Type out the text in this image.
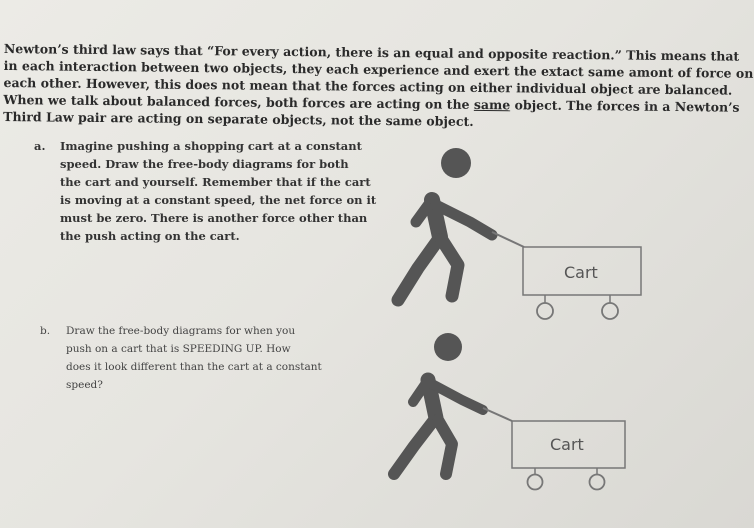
Newton’s third law says that “For every action, there is an equal and opposite reaction.” This means that
in each interaction between two objects, they each experience and exert the extact same amont of force on
each other. However, this does not mean that the forces acting on either individual object are balanced.
When we talk about balanced forces, both forces are acting on the same object. The forces in a Newton’s
Third Law pair are acting on separate objects, not the same object.
a. Imagine pushing a shopping cart at a constant
speed. Draw the free-body diagrams for both
the cart and yourself. Remember that if the cart
is moving at a constant speed, the net force on it
must be zero. There is another force other than
the push acting on the cart.
b. Draw the free-body diagrams for when you
push on a cart that is SPEEDING UP. How
does it look different than the cart at a constant
speed?
Cart
Cart
